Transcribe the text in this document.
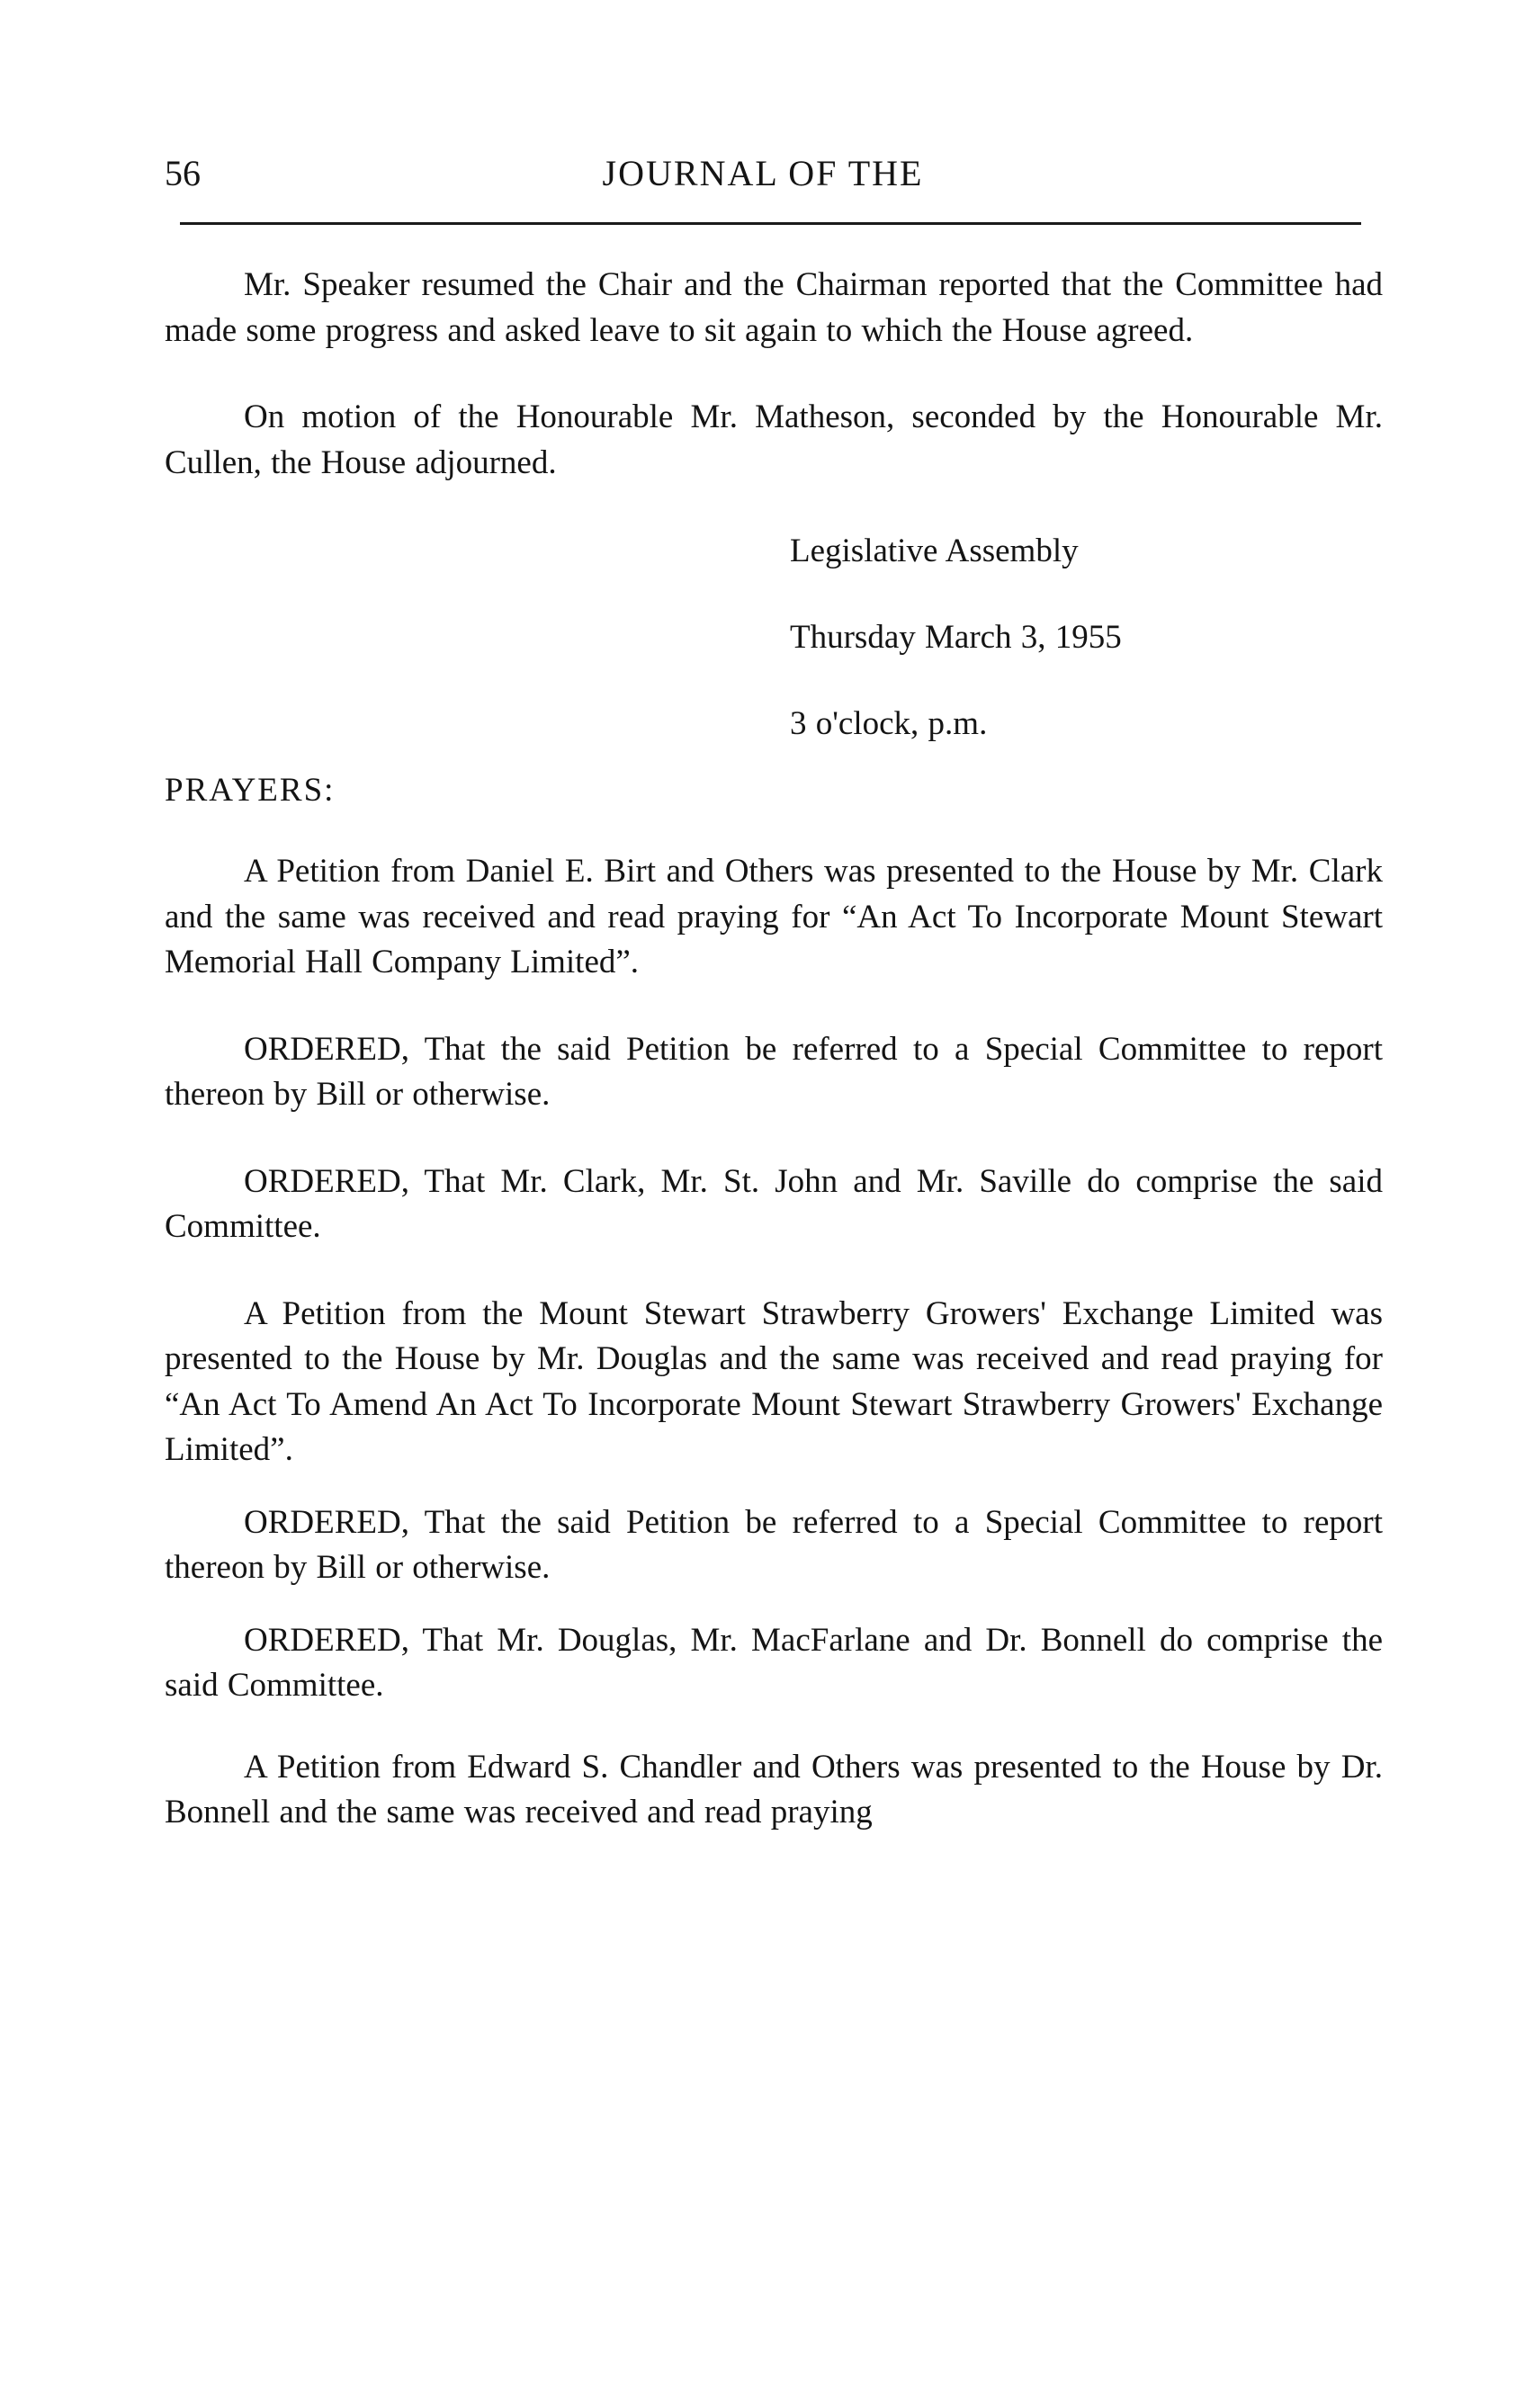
56	JOURNAL OF THE

Mr. Speaker resumed the Chair and the Chairman reported that the Committee had made some progress and asked leave to sit again to which the House agreed.

On motion of the Honourable Mr. Matheson, seconded by the Honourable Mr. Cullen, the House adjourned.

Legislative Assembly
Thursday March 3, 1955
3 o'clock, p.m.
PRAYERS:

A Petition from Daniel E. Birt and Others was presented to the House by Mr. Clark and the same was received and read praying for “An Act To Incorporate Mount Stewart Memorial Hall Company Limited”.

ORDERED, That the said Petition be referred to a Special Committee to report thereon by Bill or otherwise.

ORDERED, That Mr. Clark, Mr. St. John and Mr. Saville do comprise the said Committee.

A Petition from the Mount Stewart Strawberry Growers' Exchange Limited was presented to the House by Mr. Douglas and the same was received and read praying for “An Act To Amend An Act To Incorporate Mount Stewart Strawberry Growers' Exchange Limited”.

ORDERED, That the said Petition be referred to a Special Committee to report thereon by Bill or otherwise.

ORDERED, That Mr. Douglas, Mr. MacFarlane and Dr. Bonnell do comprise the said Committee.

A Petition from Edward S. Chandler and Others was presented to the House by Dr. Bonnell and the same was received and read praying
